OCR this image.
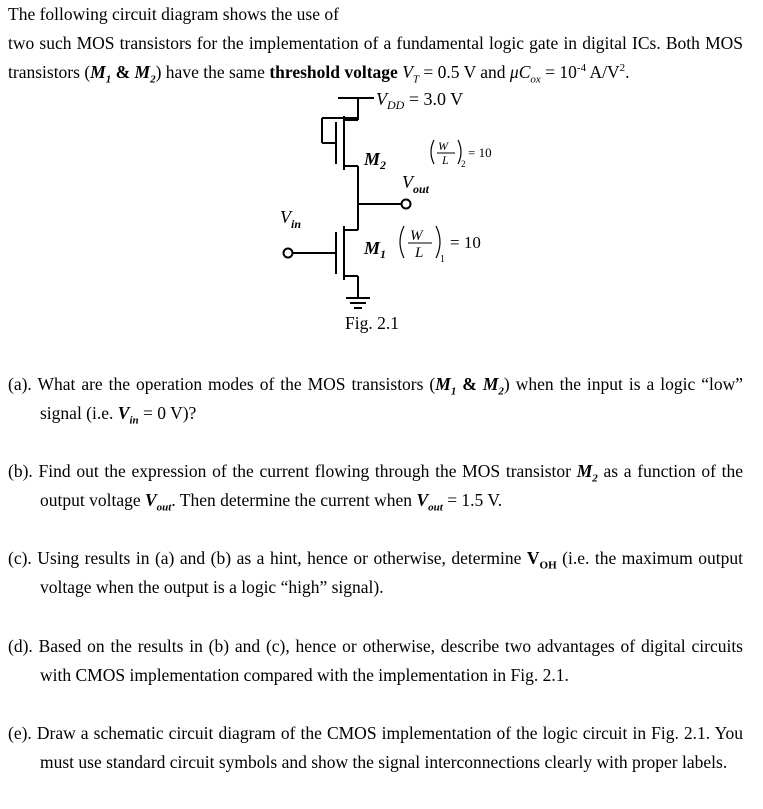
The following circuit diagram shows the use of
two such MOS transistors for the implementation of a fundamental logic gate in digital ICs. Both MOS transistors ($M_1$ & $M_2$) have the same threshold voltage $V_T = 0.5$ V and $\mu C_{ox} = 10^{-4}$ $A/V^2$.
$V_{DD} = 3.0$ V
$M_2$
$M_1$
$V_{out}$
$V_{in}$
W
L 2
= 10
W
L 1
= 10
Fig. 2.1
(a). What are the operation modes of the MOS transistors ($M_1$ & $M_2$) when the input is a logic “low” signal (i.e. $V_{in} = 0$ V)?
(b). Find out the expression of the current flowing through the MOS transistor $M_2$ as a function of the output voltage $V_{out}$. Then determine the current when $V_{out} = 1.5$ V.
(c). Using results in (a) and (b) as a hint, hence or otherwise, determine $V_{OH}$ (i.e. the maximum output voltage when the output is a logic “high” signal).
(d). Based on the results in (b) and (c), hence or otherwise, describe two advantages of digital circuits with CMOS implementation compared with the implementation in Fig. 2.1.
(e). Draw a schematic circuit diagram of the CMOS implementation of the logic circuit in Fig. 2.1. You must use standard circuit symbols and show the signal interconnections clearly with proper labels.
